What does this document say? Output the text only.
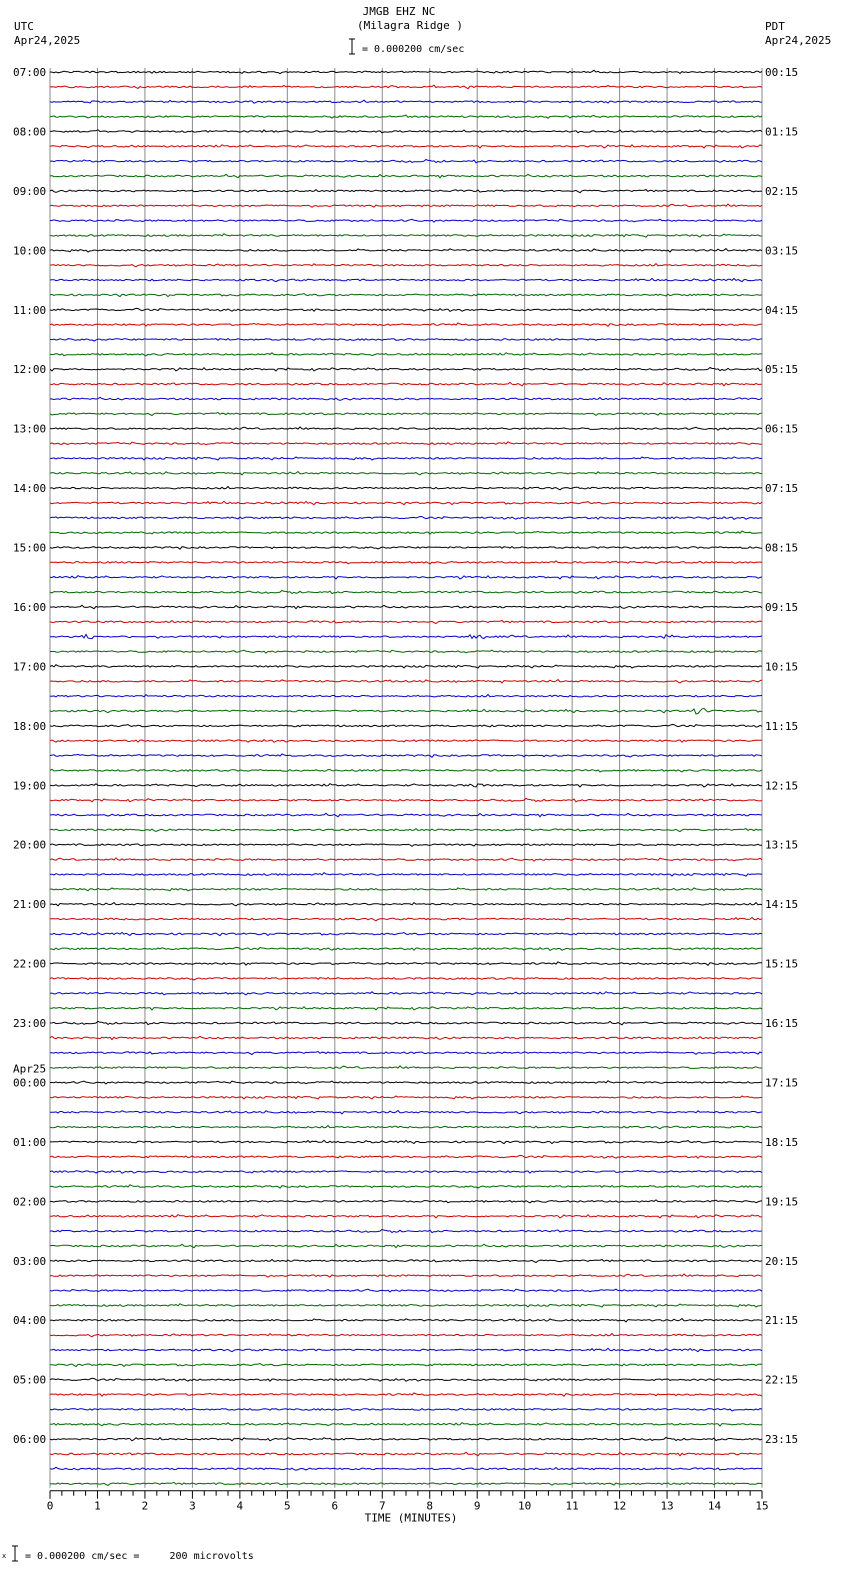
UTC
Apr24,2025
JMGB EHZ NC
(Milagra Ridge )	PDT
Apr24,2025
= 0.000200 cm/sec
0	1	2	3	4	5	6	7	8	9	10	11	12	13	14	15
TIME (MINUTES)
07:00
08:00
09:00
10:00
11:00
12:00
13:00
14:00
15:00
16:00
17:00
18:00
19:00
20:00
21:00
22:00
23:00
00:00
01:00
02:00
03:00
04:00
05:00
06:00
Apr25
00:15
01:15
02:15
03:15
04:15
05:15
06:15
07:15
08:15
09:15
10:15
11:15
12:15
13:15
14:15
15:15
16:15
17:15
18:15
19:15
20:15
21:15
22:15
23:15
x = 0.000200 cm/sec =     200 microvolts
